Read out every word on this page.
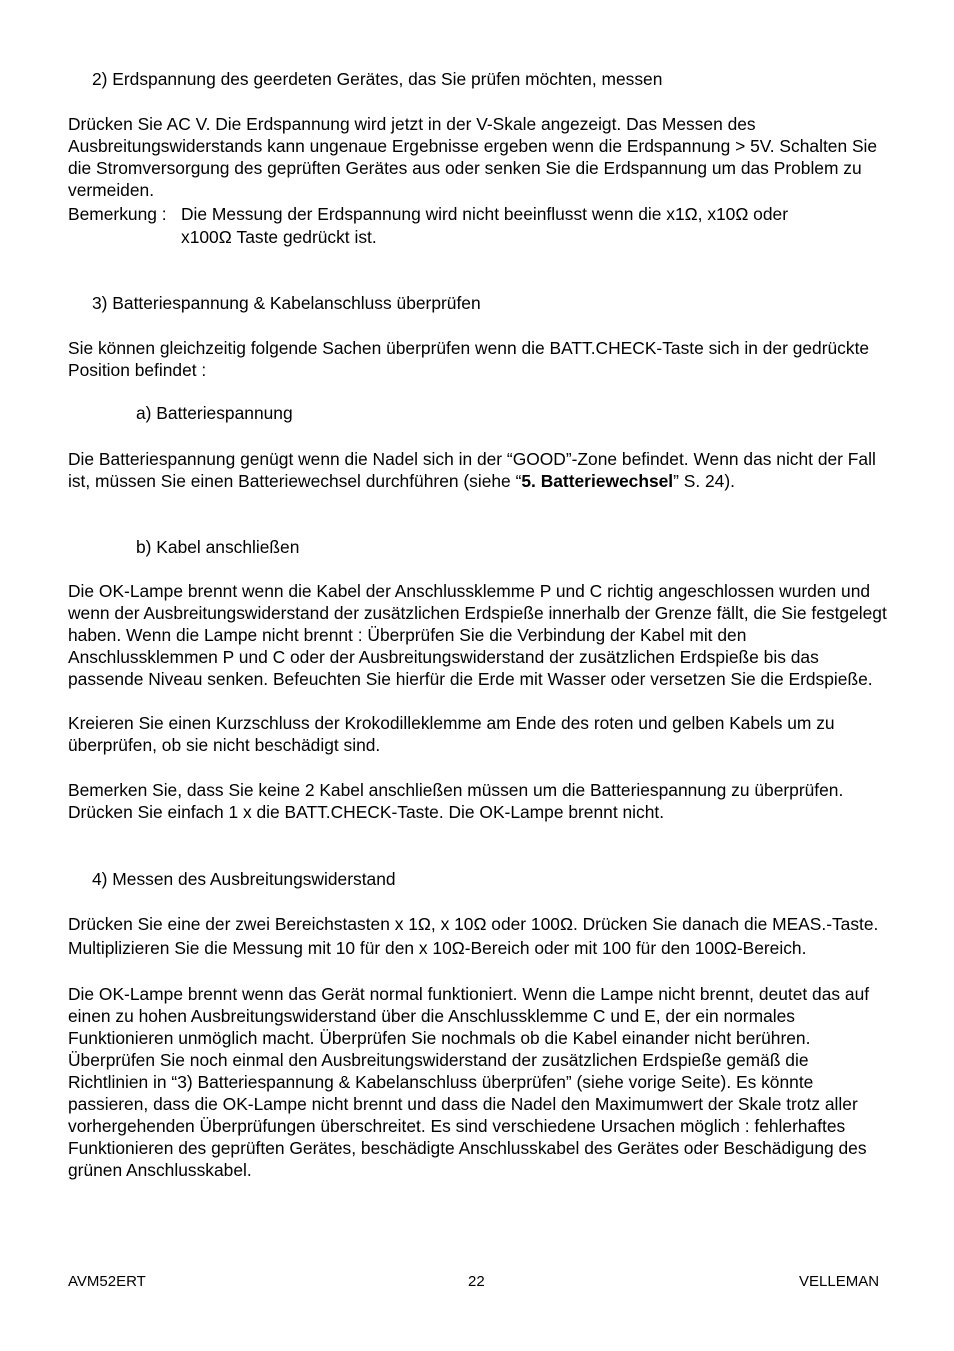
2) Erdspannung des geerdeten Gerätes, das Sie prüfen möchten, messen

Drücken Sie AC V. Die Erdspannung wird jetzt in der V-Skale angezeigt. Das Messen des Ausbreitungswiderstands kann ungenaue Ergebnisse ergeben wenn die Erdspannung > 5V. Schalten Sie die Stromversorgung des geprüften Gerätes aus oder senken Sie die Erdspannung um das Problem zu vermeiden.

Bemerkung : Die Messung der Erdspannung wird nicht beeinflusst wenn die x1Ω, x10Ω oder
x100Ω Taste gedrückt ist.

3) Batteriespannung & Kabelanschluss überprüfen

Sie können gleichzeitig folgende Sachen überprüfen wenn die BATT.CHECK-Taste sich in der gedrückte Position befindet :

a) Batteriespannung

Die Batteriespannung genügt wenn die Nadel sich in der “GOOD”-Zone befindet. Wenn das nicht der Fall ist, müssen Sie einen Batteriewechsel durchführen (siehe “5. Batteriewechsel” S. 24).

b) Kabel anschließen

Die OK-Lampe brennt wenn die Kabel der Anschlussklemme P und C richtig angeschlossen wurden und wenn der Ausbreitungswiderstand der zusätzlichen Erdspieße innerhalb der Grenze fällt, die Sie festgelegt haben. Wenn die Lampe nicht brennt : Überprüfen Sie die Verbindung der Kabel mit den Anschlussklemmen P und C oder der Ausbreitungswiderstand der zusätzlichen Erdspieße bis das passende Niveau senken. Befeuchten Sie hierfür die Erde mit Wasser oder versetzen Sie die Erdspieße.

Kreieren Sie einen Kurzschluss der Krokodilleklemme am Ende des roten und gelben Kabels um zu überprüfen, ob sie nicht beschädigt sind.

Bemerken Sie, dass Sie keine 2 Kabel anschließen müssen um die Batteriespannung zu überprüfen. Drücken Sie einfach 1 x die BATT.CHECK-Taste. Die OK-Lampe brennt nicht.

4) Messen des Ausbreitungswiderstand

Drücken Sie eine der zwei Bereichstasten x 1Ω, x 10Ω oder 100Ω. Drücken Sie danach die MEAS.-Taste. Multiplizieren Sie die Messung mit 10 für den x 10Ω-Bereich oder mit 100 für den 100Ω-Bereich.

Die OK-Lampe brennt wenn das Gerät normal funktioniert. Wenn die Lampe nicht brennt, deutet das auf einen zu hohen Ausbreitungswiderstand über die Anschlussklemme C und E, der ein normales Funktionieren unmöglich macht. Überprüfen Sie nochmals ob die Kabel einander nicht berühren. Überprüfen Sie noch einmal den Ausbreitungswiderstand der zusätzlichen Erdspieße gemäß die Richtlinien in “3) Batteriespannung & Kabelanschluss überprüfen” (siehe vorige Seite). Es könnte passieren, dass die OK-Lampe nicht brennt und dass die Nadel den Maximumwert der Skale trotz aller vorhergehenden Überprüfungen überschreitet. Es sind verschiedene Ursachen möglich : fehlerhaftes Funktionieren des geprüften Gerätes, beschädigte Anschlusskabel des Gerätes oder Beschädigung des grünen Anschlusskabel.

AVM52ERT	22	VELLEMAN
